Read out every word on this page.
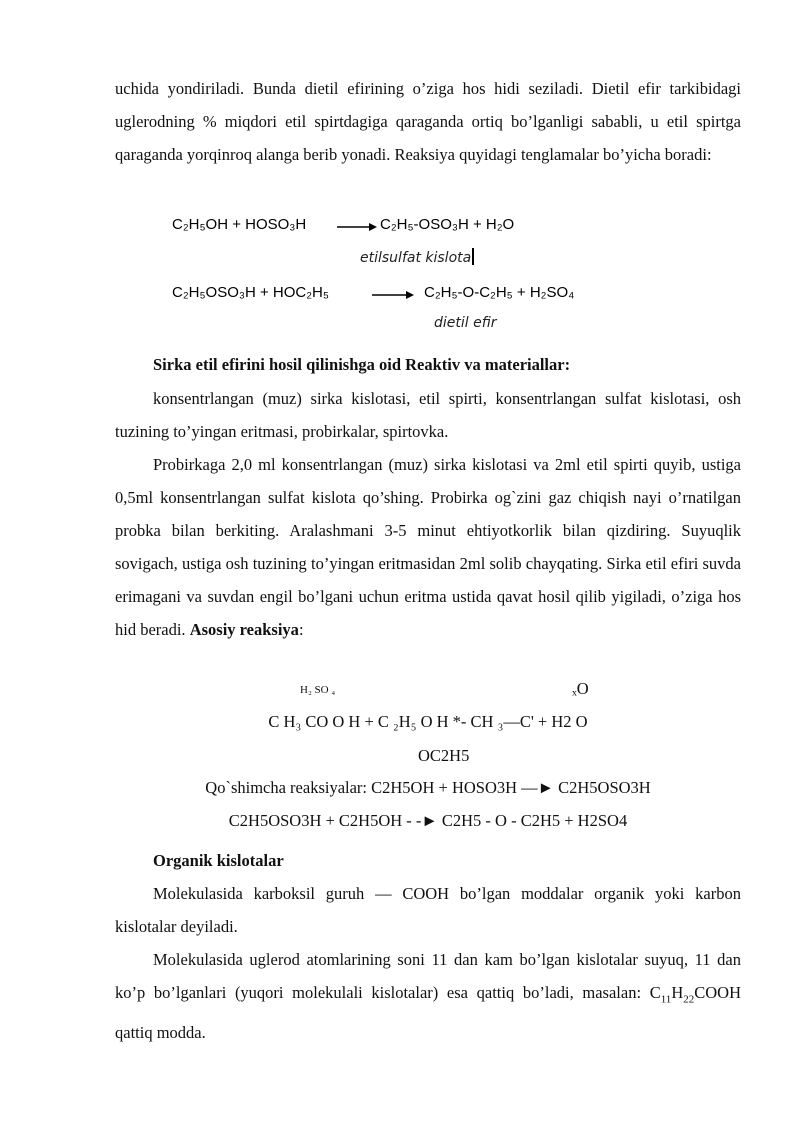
uchida yondiriladi. Bunda dietil efirining o’ziga hos hidi seziladi. Dietil efir tarkibidagi uglerodning % miqdori etil spirtdagiga qaraganda ortiq bo’lganligi sababli, u etil spirtga qaraganda yorqinroq alanga berib yonadi. Reaksiya quyidagi tenglamalar bo’yicha boradi:

C₂H₅OH + HOSO₃H	C₂H₅-OSO₃H + H₂O
etilsulfat kislota
C₂H₅OSO₃H + HOC₂H₅	C₂H₅-O-C₂H₅ + H₂SO₄
dietil efir

Sirka etil efirini hosil qilinishga oid Reaktiv va materiallar:

konsentrlangan (muz) sirka kislotasi, etil spirti, konsentrlangan sulfat kislotasi, osh tuzining to’yingan eritmasi, probirkalar, spirtovka.

Probirkaga 2,0 ml konsentrlangan (muz) sirka kislotasi va 2ml etil spirti quyib, ustiga 0,5ml konsentrlangan sulfat kislota qo’shing. Probirka og`zini gaz chiqish nayi o’rnatilgan probka bilan berkiting. Aralashmani 3-5 minut ehtiyotkorlik bilan qizdiring. Suyuqlik sovigach, ustiga osh tuzining to’yingan eritmasidan 2ml solib chayqating. Sirka etil efiri suvda erimagani va suvdan engil bo’lgani uchun eritma ustida qavat hosil qilib yigiladi, o’ziga hos hid beradi. Asosiy reaksiya:

H₂ SO ₄	ₓO
C H₃ CO O H + C ₂H₅ O H *- CH ₃—C' + H2 O
OC2H5
Qo`shimcha reaksiyalar: C2H5OH + HOSO3H —► C2H5OSO3H
C2H5OSO3H + C2H5OH - -► C2H5 - O - C2H5 + H2SO4

Organik kislotalar

Molekulasida karboksil guruh — COOH bo’lgan moddalar organik yoki karbon kislotalar deyiladi.

Molekulasida uglerod atomlarining soni 11 dan kam bo’lgan kislotalar suyuq, 11 dan ko’p bo’lganlari (yuqori molekulali kislotalar) esa qattiq bo’ladi, masalan: $C_{11}H_{22}COOH$ qattiq modda.
